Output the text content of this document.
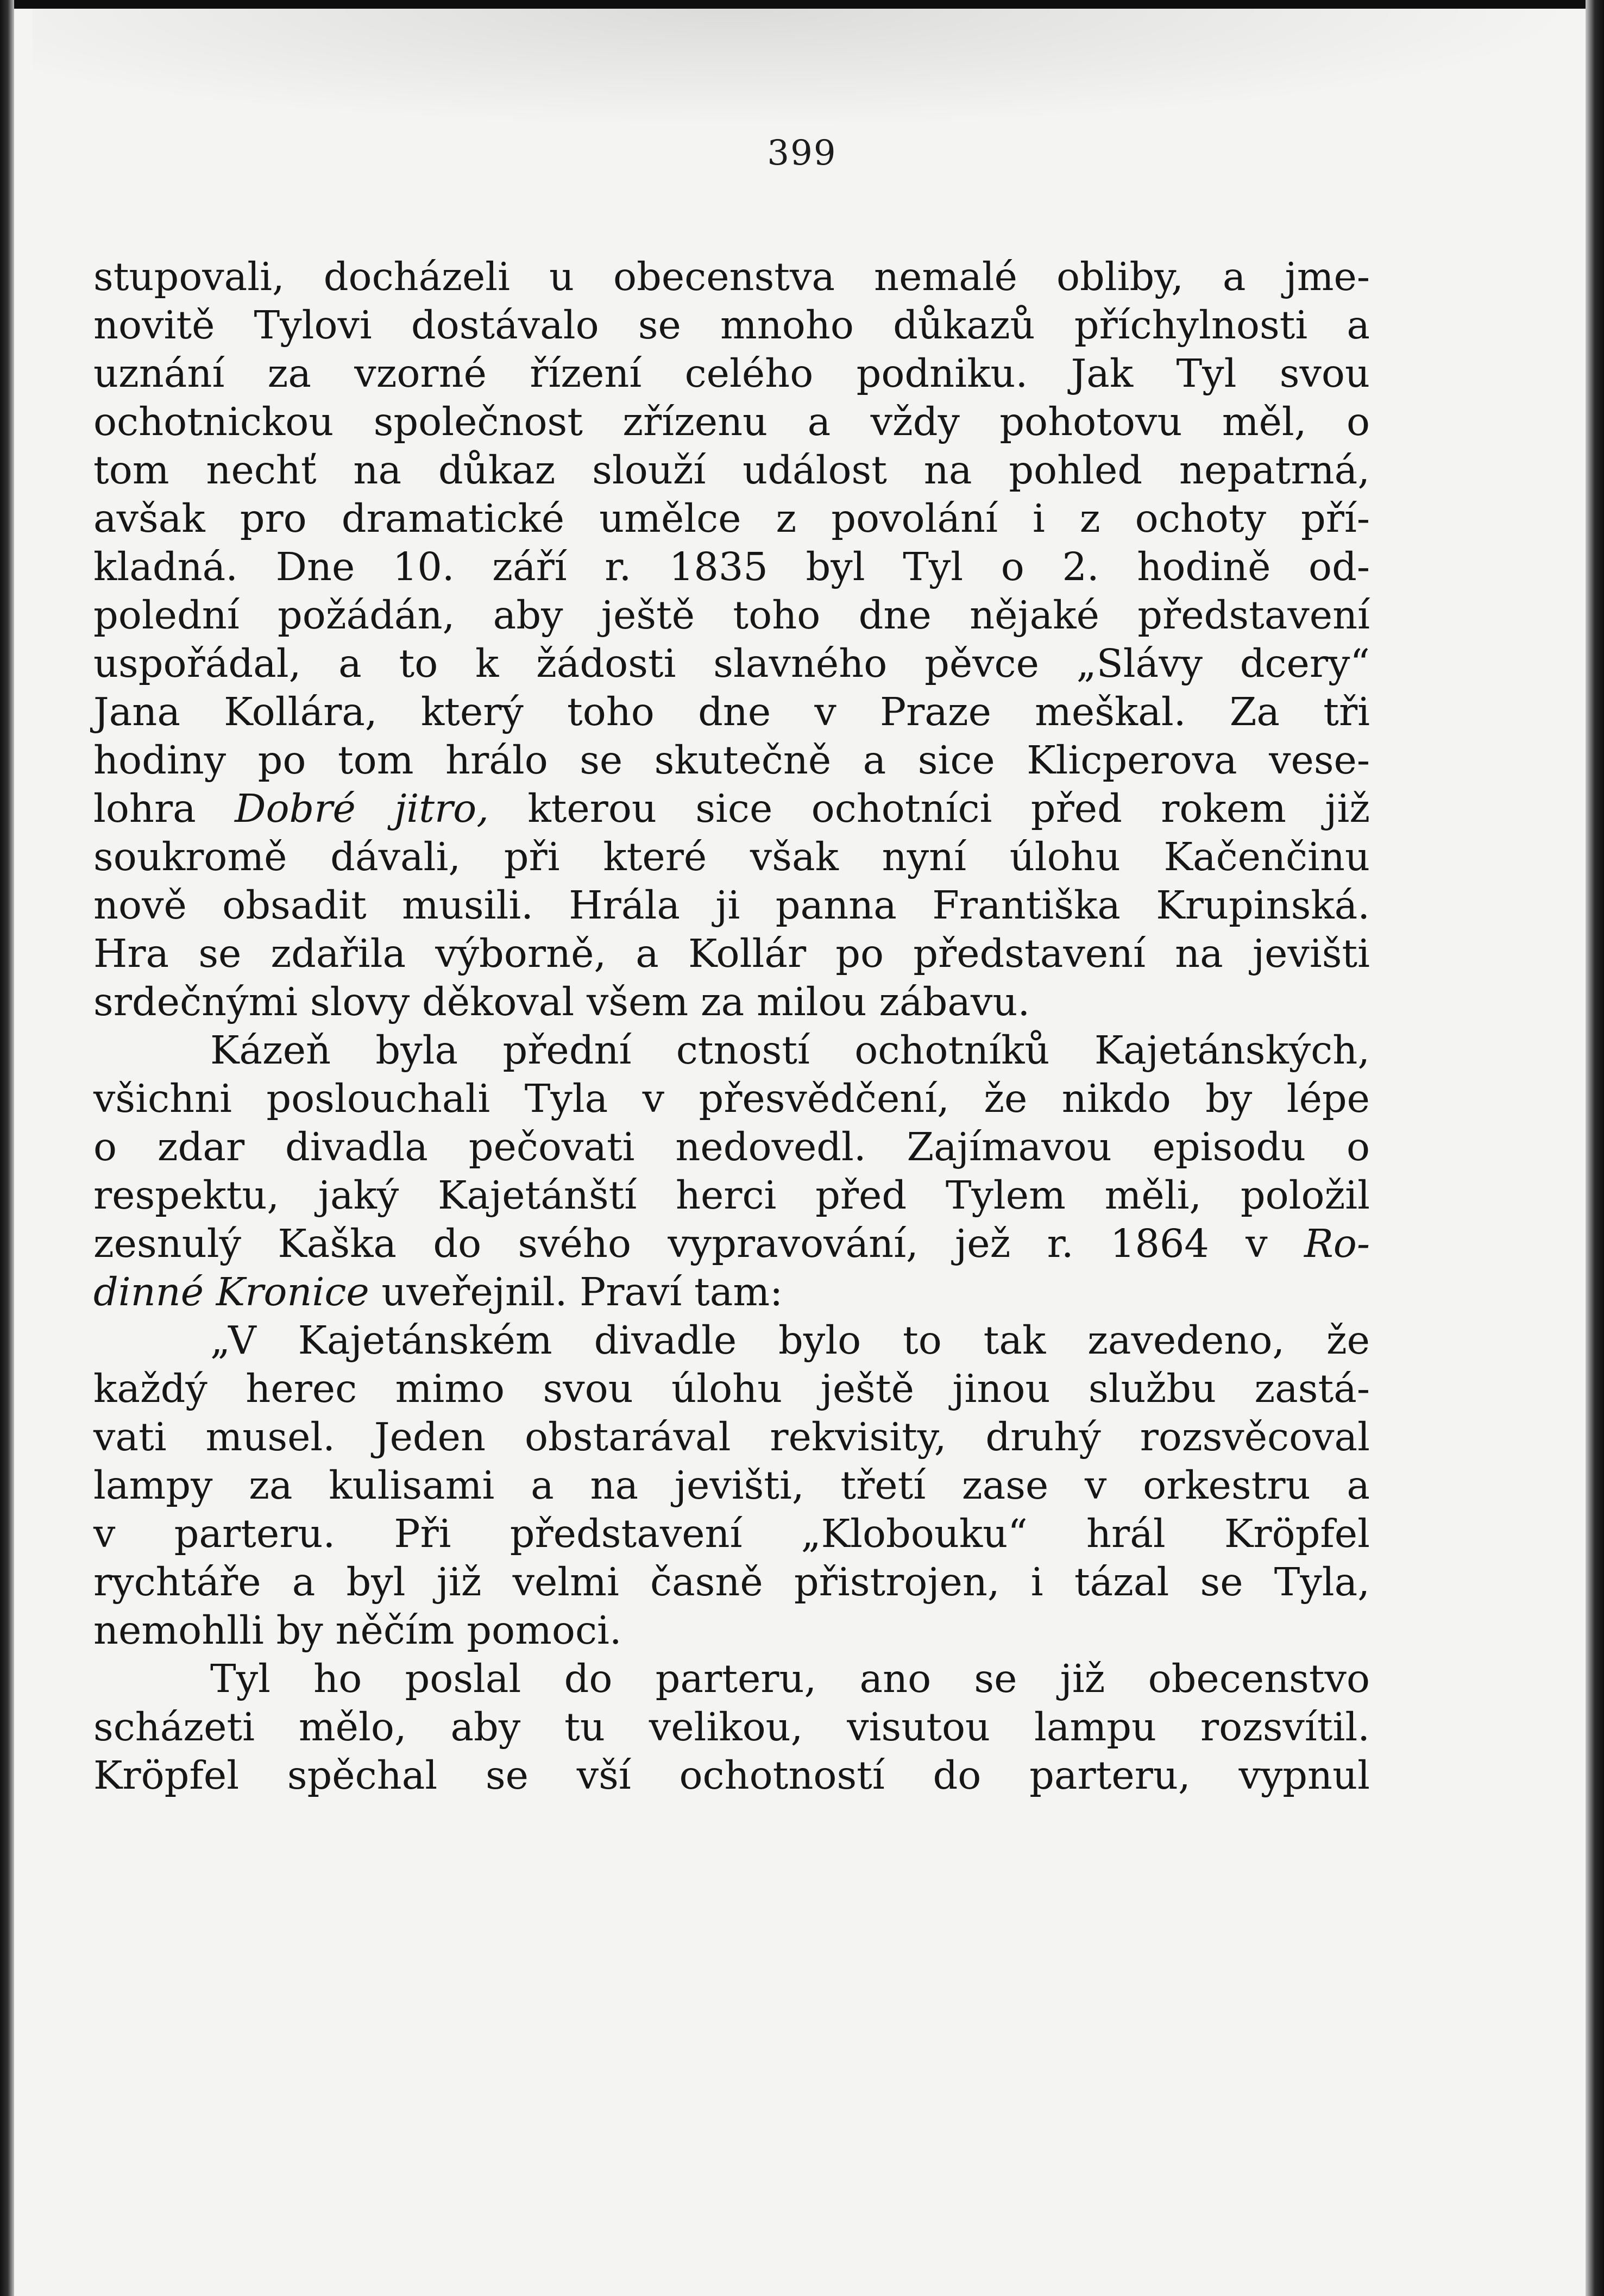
399
stupovali, docházeli u obecenstva nemalé obliby, a jme-
novitě Tylovi dostávalo se mnoho důkazů příchylnosti a
uznání za vzorné řízení celého podniku. Jak Tyl svou
ochotnickou společnost zřízenu a vždy pohotovu měl, o
tom nechť na důkaz slouží událost na pohled nepatrná,
avšak pro dramatické umělce z povolání i z ochoty pří-
kladná. Dne 10. září r. 1835 byl Tyl o 2. hodině od-
polední požádán, aby ještě toho dne nějaké představení
uspořádal, a to k žádosti slavného pěvce „Slávy dcery“
Jana Kollára, který toho dne v Praze meškal. Za tři
hodiny po tom hrálo se skutečně a sice Klicperova vese-
lohra Dobré jitro, kterou sice ochotníci před rokem již
soukromě dávali, při které však nyní úlohu Kačenčinu
nově obsadit musili. Hrála ji panna Františka Krupinská.
Hra se zdařila výborně, a Kollár po představení na jevišti
srdečnými slovy děkoval všem za milou zábavu.
Kázeň byla přední ctností ochotníků Kajetánských,
všichni poslouchali Tyla v přesvědčení, že nikdo by lépe
o zdar divadla pečovati nedovedl. Zajímavou episodu o
respektu, jaký Kajetánští herci před Tylem měli, položil
zesnulý Kaška do svého vypravování, jež r. 1864 v Ro-
dinné Kronice uveřejnil. Praví tam:
„V Kajetánském divadle bylo to tak zavedeno, že
každý herec mimo svou úlohu ještě jinou službu zastá-
vati musel. Jeden obstarával rekvisity, druhý rozsvěcoval
lampy za kulisami a na jevišti, třetí zase v orkestru a
v parteru. Při představení „Klobouku“ hrál Kröpfel
rychtáře a byl již velmi časně přistrojen, i tázal se Tyla,
nemohlli by něčím pomoci.
Tyl ho poslal do parteru, ano se již obecenstvo
scházeti mělo, aby tu velikou, visutou lampu rozsvítil.
Kröpfel spěchal se vší ochotností do parteru, vypnul
